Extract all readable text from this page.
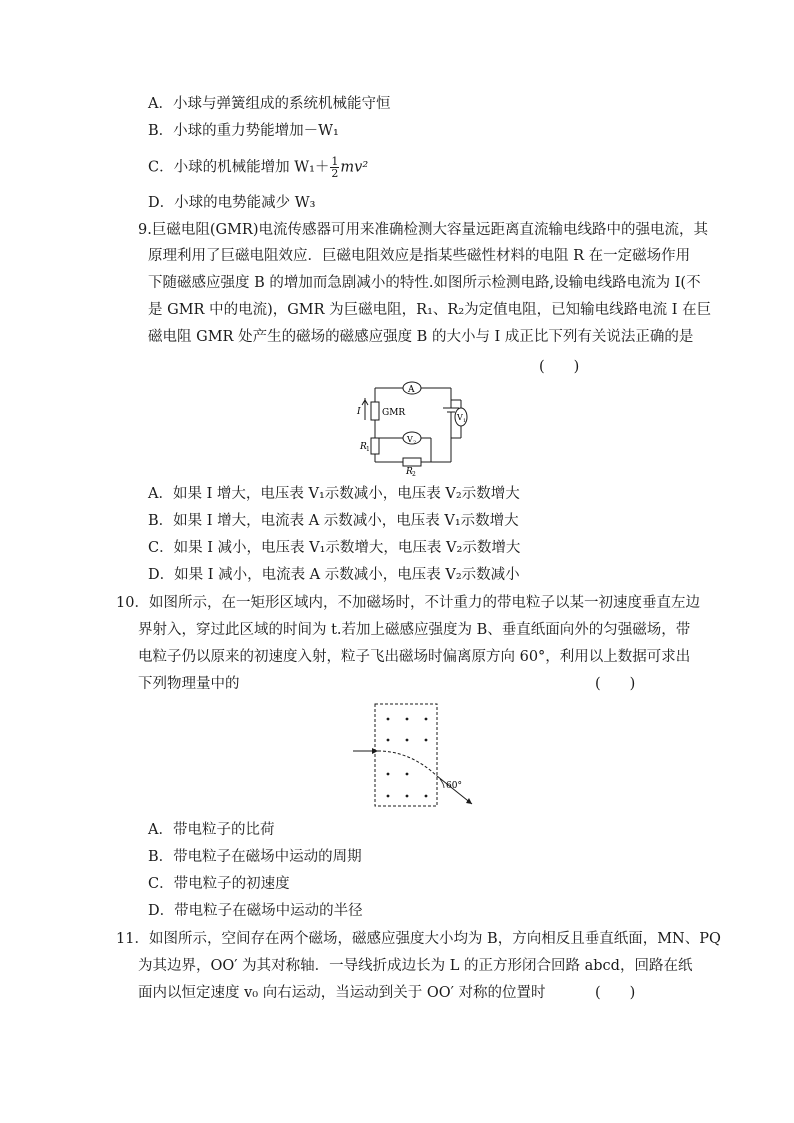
A．小球与弹簧组成的系统机械能守恒
B．小球的重力势能增加－W₁
C．小球的机械能增加 $W_1+ \frac{1}{2} mv^2$
D．小球的电势能减少 W₃
9.巨磁电阻(GMR)电流传感器可用来准确检测大容量远距离直流输电线路中的强电流，其
原理利用了巨磁电阻效应．巨磁电阻效应是指某些磁性材料的电阻 R 在一定磁场作用
下随磁感应强度 B 的增加而急剧减小的特性.如图所示检测电路,设输电线路电流为 I(不
是 GMR 中的电流)，GMR 为巨磁电阻，R₁、R₂为定值电阻，已知输电线路电流 I 在巨
磁电阻 GMR 处产生的磁场的磁感应强度 B 的大小与 I 成正比下列有关说法正确的是
(　　)
A
GMR
I
R 1
R 2
V 2
V 1
A．如果 I 增大，电压表 V₁示数减小，电压表 V₂示数增大
B．如果 I 增大，电流表 A 示数减小，电压表 V₁示数增大
C．如果 I 减小，电压表 V₁示数增大，电压表 V₂示数增大
D．如果 I 减小，电流表 A 示数减小，电压表 V₂示数减小
10．如图所示，在一矩形区域内，不加磁场时，不计重力的带电粒子以某一初速度垂直左边
界射入，穿过此区域的时间为 t.若加上磁感应强度为 B、垂直纸面向外的匀强磁场，带
电粒子仍以原来的初速度入射，粒子飞出磁场时偏离原方向 60°，利用以上数据可求出
下列物理量中的	(　　)
60°
A．带电粒子的比荷
B．带电粒子在磁场中运动的周期
C．带电粒子的初速度
D．带电粒子在磁场中运动的半径
11．如图所示，空间存在两个磁场，磁感应强度大小均为 B，方向相反且垂直纸面，MN、PQ
为其边界，OO′ 为其对称轴．一导线折成边长为 L 的正方形闭合回路 abcd，回路在纸
面内以恒定速度 v₀ 向右运动，当运动到关于 OO′ 对称的位置时	(　　)
